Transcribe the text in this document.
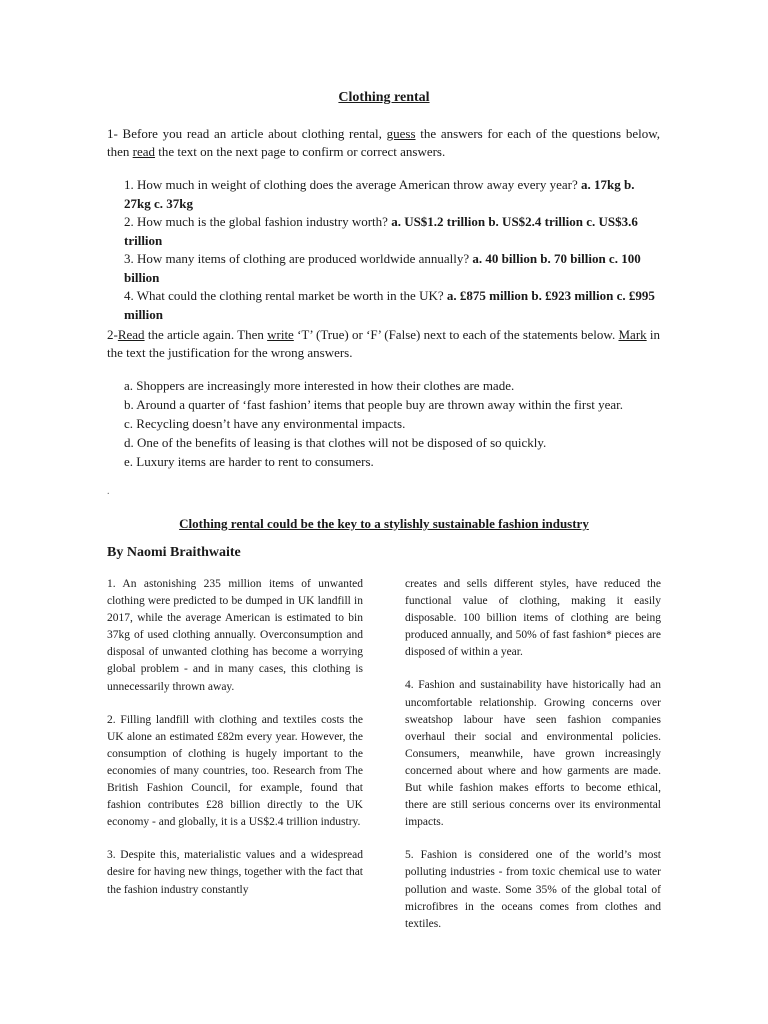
Clothing rental

1- Before you read an article about clothing rental, guess the answers for each of the questions below, then read the text on the next page to confirm or correct answers.

1. How much in weight of clothing does the average American throw away every year? a. 17kg b. 27kg c. 37kg
2. How much is the global fashion industry worth? a. US$1.2 trillion b. US$2.4 trillion c. US$3.6 trillion
3. How many items of clothing are produced worldwide annually? a. 40 billion b. 70 billion c. 100 billion
4. What could the clothing rental market be worth in the UK? a. £875 million b. £923 million c. £995 million

2-Read the article again. Then write ‘T’ (True) or ‘F’ (False) next to each of the statements below. Mark in the text the justification for the wrong answers.

a. Shoppers are increasingly more interested in how their clothes are made.
b. Around a quarter of ‘fast fashion’ items that people buy are thrown away within the first year.
c. Recycling doesn’t have any environmental impacts.
d. One of the benefits of leasing is that clothes will not be disposed of so quickly.
e. Luxury items are harder to rent to consumers.
.
Clothing rental could be the key to a stylishly sustainable fashion industry
By Naomi Braithwaite

1. An astonishing 235 million items of unwanted clothing were predicted to be dumped in UK landfill in 2017, while the average American is estimated to bin 37kg of used clothing annually. Overconsumption and disposal of unwanted clothing has become a worrying global problem - and in many cases, this clothing is unnecessarily thrown away.

2. Filling landfill with clothing and textiles costs the UK alone an estimated £82m every year. However, the consumption of clothing is hugely important to the economies of many countries, too. Research from The British Fashion Council, for example, found that fashion contributes £28 billion directly to the UK economy - and globally, it is a US$2.4 trillion industry.

3. Despite this, materialistic values and a widespread desire for having new things, together with the fact that the fashion industry constantly

creates and sells different styles, have reduced the functional value of clothing, making it easily disposable. 100 billion items of clothing are being produced annually, and 50% of fast fashion* pieces are disposed of within a year.

4. Fashion and sustainability have historically had an uncomfortable relationship. Growing concerns over sweatshop labour have seen fashion companies overhaul their social and environmental policies. Consumers, meanwhile, have grown increasingly concerned about where and how garments are made. But while fashion makes efforts to become ethical, there are still serious concerns over its environmental impacts.

5. Fashion is considered one of the world’s most polluting industries - from toxic chemical use to water pollution and waste. Some 35% of the global total of microfibres in the oceans comes from clothes and textiles.
